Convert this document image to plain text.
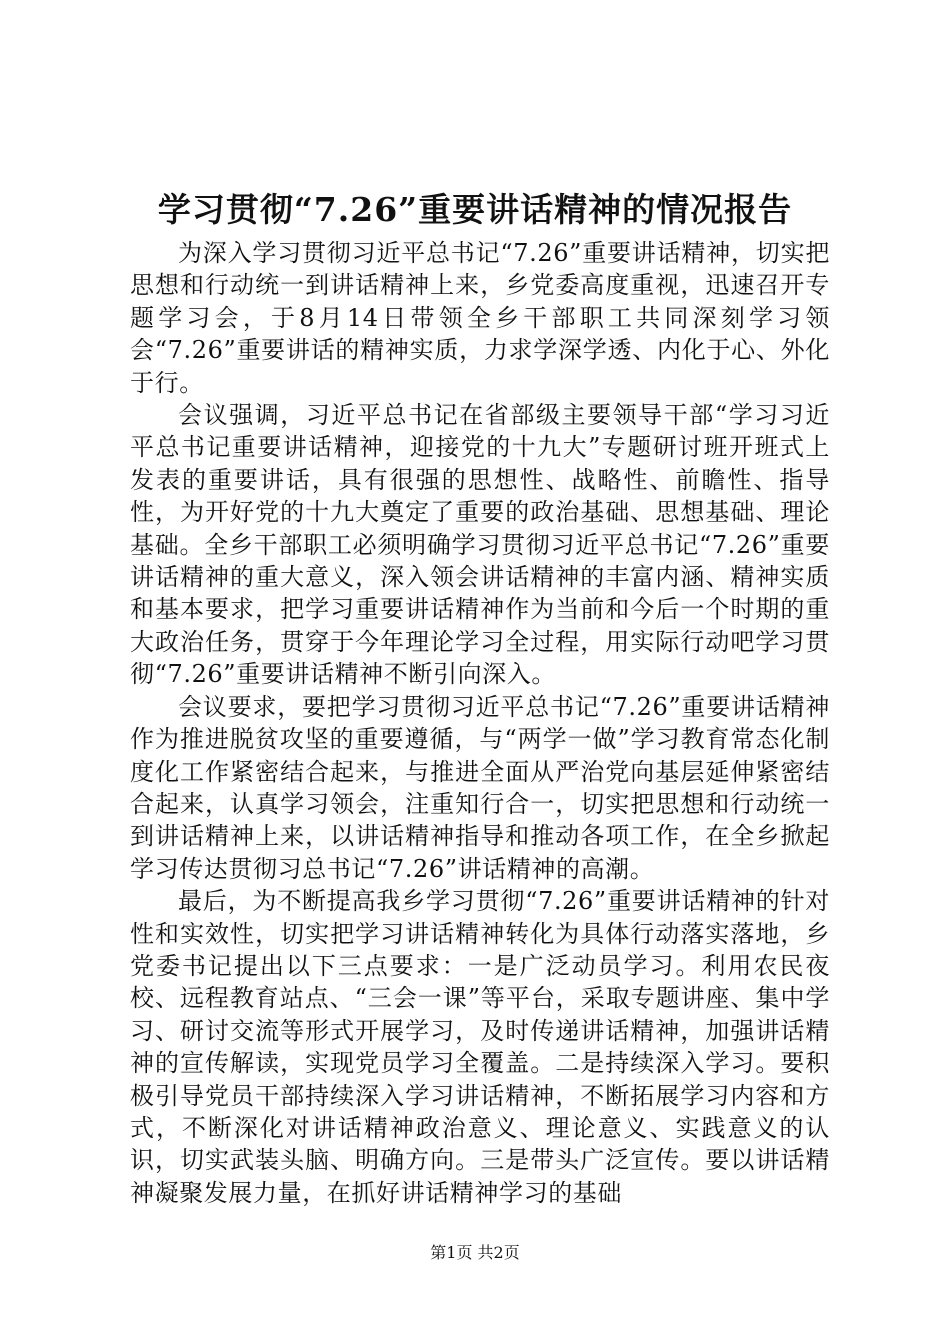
学习贯彻“7.26”重要讲话精神的情况报告

为深入学习贯彻习近平总书记“7.26”重要讲话精神，切实把思想和行动统一到讲话精神上来，乡党委高度重视，迅速召开专题学习会，于8月14日带领全乡干部职工共同深刻学习领会“7.26”重要讲话的精神实质，力求学深学透、内化于心、外化于行。

会议强调，习近平总书记在省部级主要领导干部“学习习近平总书记重要讲话精神，迎接党的十九大”专题研讨班开班式上发表的重要讲话，具有很强的思想性、战略性、前瞻性、指导性，为开好党的十九大奠定了重要的政治基础、思想基础、理论基础。全乡干部职工必须明确学习贯彻习近平总书记“7.26”重要讲话精神的重大意义，深入领会讲话精神的丰富内涵、精神实质和基本要求，把学习重要讲话精神作为当前和今后一个时期的重大政治任务，贯穿于今年理论学习全过程，用实际行动吧学习贯彻“7.26”重要讲话精神不断引向深入。

会议要求，要把学习贯彻习近平总书记“7.26”重要讲话精神作为推进脱贫攻坚的重要遵循，与“两学一做”学习教育常态化制度化工作紧密结合起来，与推进全面从严治党向基层延伸紧密结合起来，认真学习领会，注重知行合一，切实把思想和行动统一到讲话精神上来，以讲话精神指导和推动各项工作，在全乡掀起学习传达贯彻习总书记“7.26”讲话精神的高潮。

最后，为不断提高我乡学习贯彻“7.26”重要讲话精神的针对性和实效性，切实把学习讲话精神转化为具体行动落实落地，乡党委书记提出以下三点要求：一是广泛动员学习。利用农民夜校、远程教育站点、“三会一课”等平台，采取专题讲座、集中学习、研讨交流等形式开展学习，及时传递讲话精神，加强讲话精神的宣传解读，实现党员学习全覆盖。二是持续深入学习。要积极引导党员干部持续深入学习讲话精神，不断拓展学习内容和方式，不断深化对讲话精神政治意义、理论意义、实践意义的认识，切实武装头脑、明确方向。三是带头广泛宣传。要以讲话精神凝聚发展力量，在抓好讲话精神学习的基础

第1页 共2页
